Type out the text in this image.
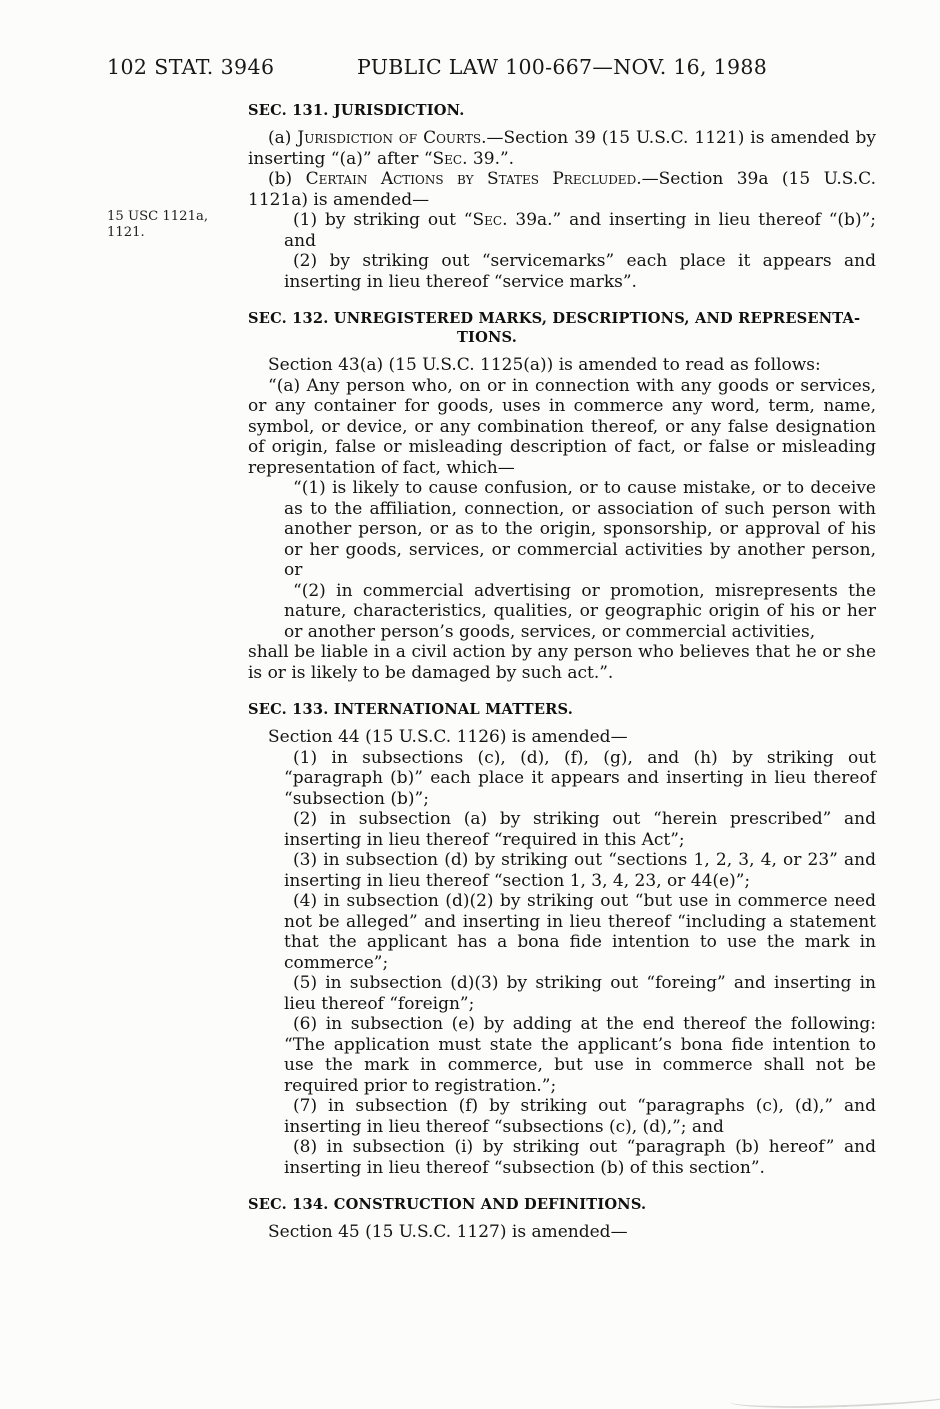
102 STAT. 3946	PUBLIC LAW 100-667—NOV. 16, 1988
15 USC 1121a,
1121.
SEC. 131. JURISDICTION.

(a) Jurisdiction of Courts.—Section 39 (15 U.S.C. 1121) is amended by inserting “(a)” after “Sec. 39.”.

(b) Certain Actions by States Precluded.—Section 39a (15 U.S.C. 1121a) is amended—

(1) by striking out “Sec. 39a.” and inserting in lieu thereof “(b)”; and

(2) by striking out “servicemarks” each place it appears and inserting in lieu thereof “service marks”.

SEC. 132. UNREGISTERED MARKS, DESCRIPTIONS, AND REPRESENTA-
TIONS.

Section 43(a) (15 U.S.C. 1125(a)) is amended to read as follows:

“(a) Any person who, on or in connection with any goods or services, or any container for goods, uses in commerce any word, term, name, symbol, or device, or any combination thereof, or any false designation of origin, false or misleading description of fact, or false or misleading representation of fact, which—

“(1) is likely to cause confusion, or to cause mistake, or to deceive as to the affiliation, connection, or association of such person with another person, or as to the origin, sponsorship, or approval of his or her goods, services, or commercial activities by another person, or

“(2) in commercial advertising or promotion, misrepresents the nature, characteristics, qualities, or geographic origin of his or her or another person’s goods, services, or commercial activities,

shall be liable in a civil action by any person who believes that he or she is or is likely to be damaged by such act.”.

SEC. 133. INTERNATIONAL MATTERS.

Section 44 (15 U.S.C. 1126) is amended—

(1) in subsections (c), (d), (f), (g), and (h) by striking out “paragraph (b)” each place it appears and inserting in lieu thereof “subsection (b)”;

(2) in subsection (a) by striking out “herein prescribed” and inserting in lieu thereof “required in this Act”;

(3) in subsection (d) by striking out “sections 1, 2, 3, 4, or 23” and inserting in lieu thereof “section 1, 3, 4, 23, or 44(e)”;

(4) in subsection (d)(2) by striking out “but use in commerce need not be alleged” and inserting in lieu thereof “including a statement that the applicant has a bona fide intention to use the mark in commerce”;

(5) in subsection (d)(3) by striking out “foreing” and inserting in lieu thereof “foreign”;

(6) in subsection (e) by adding at the end thereof the following: “The application must state the applicant’s bona fide intention to use the mark in commerce, but use in commerce shall not be required prior to registration.”;

(7) in subsection (f) by striking out “paragraphs (c), (d),” and inserting in lieu thereof “subsections (c), (d),”; and

(8) in subsection (i) by striking out “paragraph (b) hereof” and inserting in lieu thereof “subsection (b) of this section”.

SEC. 134. CONSTRUCTION AND DEFINITIONS.

Section 45 (15 U.S.C. 1127) is amended—
